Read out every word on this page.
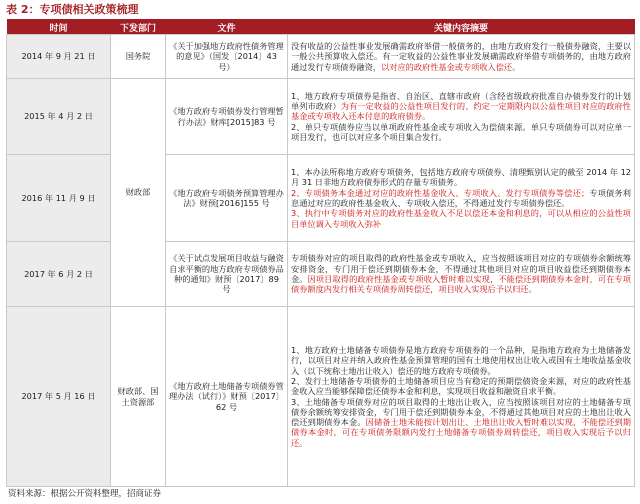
表 2：专项债相关政策梳理
时间	下发部门	文件	关键内容摘要
2014 年 9 月 21 日	国务院	《关于加强地方政府性债务管理的意见》（国发〔2014〕43 号）	没有收益的公益性事业发展确需政府举借一般债务的，由地方政府发行一般债券融资，主要以一般公共预算收入偿还。有一定收益的公益性事业发展确需政府举借专项债务的，由地方政府通过发行专项债券融资，以对应的政府性基金或专项收入偿还。
2015 年 4 月 2 日	财政部	《地方政府专项债券发行管理暂行办法》财库[2015]83 号	1、地方政府专项债券是指省、自治区、直辖市政府（含经省级政府批准自办债券发行的计划单列市政府）为有一定收益的公益性项目发行的、约定一定期限内以公益性项目对应的政府性基金或专项收入还本付息的政府债券。
2、单只专项债券应当以单项政府性基金或专项收入为偿债来源。单只专项债券可以对应单一项目发行，也可以对应多个项目集合发行。
2016 年 11 月 9 日		《地方政府专项债务预算管理办法》财预[2016]155 号	1、本办法所称地方政府专项债务，包括地方政府专项债券、清理甄别认定的截至 2014 年 12 月 31 日非地方政府债券形式的存量专项债务。
2、专项债务本金通过对应的政府性基金收入、专项收入、发行专项债券等偿还；专项债务利息通过对应的政府性基金收入、专项收入偿还，不得通过发行专项债券偿还。
3、执行中专项债务对应的政府性基金收入不足以偿还本金和利息的，可以从相应的公益性项目单位调入专项收入弥补
2017 年 6 月 2 日		《关于试点发展项目收益与融资自求平衡的地方政府专项债券品种的通知》财预〔2017〕89 号	专项债券对应的项目取得的政府性基金或专项收入，应当按照该项目对应的专项债券余额统筹安排资金，专门用于偿还到期债券本金，不得通过其他项目对应的项目收益偿还到期债券本金。因项目取得的政府性基金或专项收入暂时难以实现，不能偿还到期债券本金时，可在专项债券额度内发行相关专项债券周转偿还，项目收入实现后予以归还。
2017 年 5 月 16 日	财政部、国土资源部	《地方政府土地储备专项债券管理办法（试行）》财预〔2017〕62 号	1、地方政府土地储备专项债券是地方政府专项债券的一个品种，是指地方政府为土地储备发行，以项目对应并纳入政府性基金预算管理的国有土地使用权出让收入或国有土地收益基金收入（以下统称土地出让收入）偿还的地方政府专项债券。
2、发行土地储备专项债券的土地储备项目应当有稳定的预期偿债资金来源，对应的政府性基金收入应当能够保障偿还债券本金和利息，实现项目收益和融资自求平衡。
3、土地储备专项债券对应的项目取得的土地出让收入，应当按照该项目对应的土地储备专项债券余额统筹安排资金，专门用于偿还到期债券本金，不得通过其他项目对应的土地出让收入偿还到期债券本金。因储备土地未能按计划出让、土地出让收入暂时难以实现，不能偿还到期债券本金时，可在专项债务限额内发行土地储备专项债券周转偿还，项目收入实现后予以归还。
资料来源：根据公开资料整理，招商证券
